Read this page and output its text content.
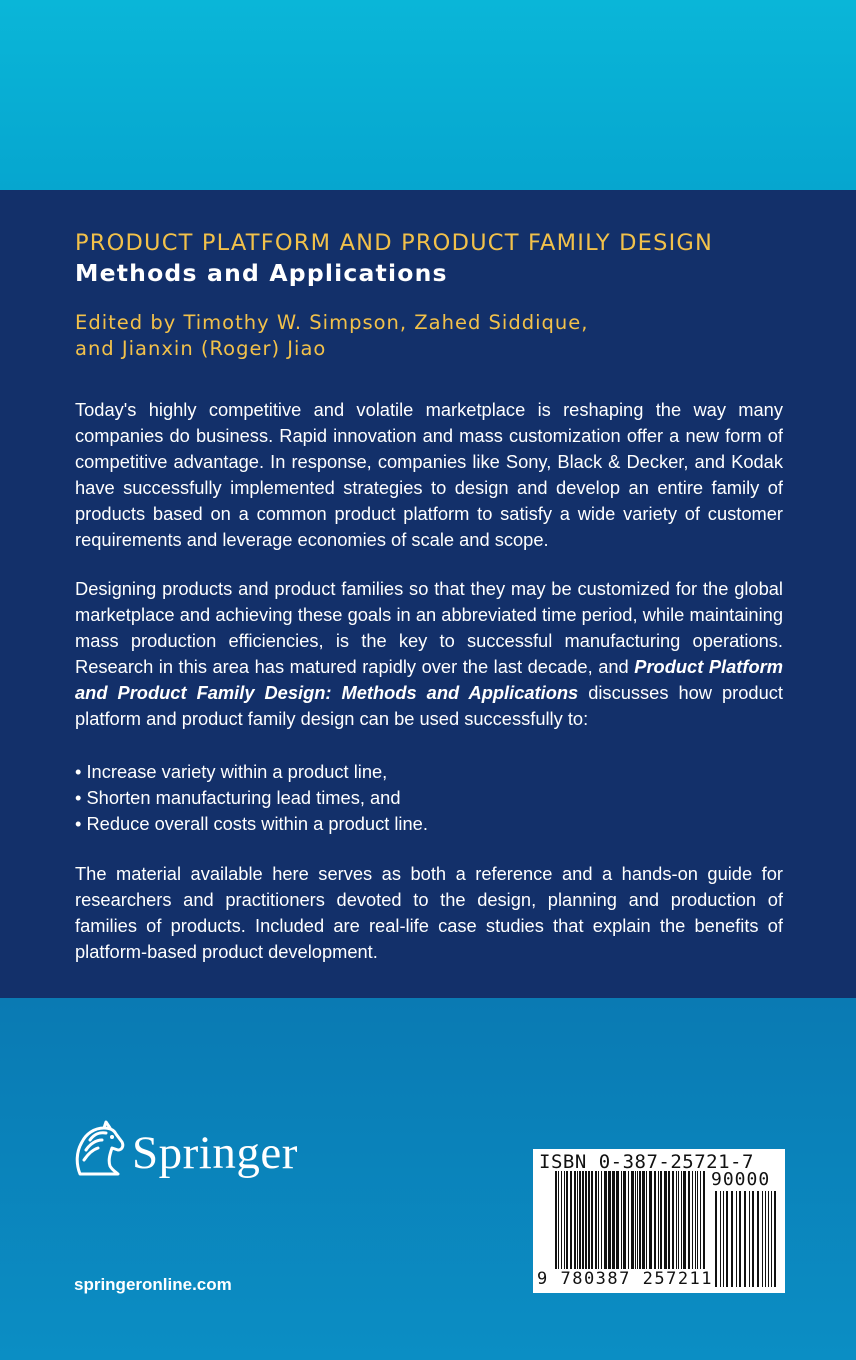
PRODUCT PLATFORM AND PRODUCT FAMILY DESIGN
Methods and Applications
Edited by Timothy W. Simpson, Zahed Siddique,
and Jianxin (Roger) Jiao

Today's highly competitive and volatile marketplace is reshaping the way many companies do business. Rapid innovation and mass customization offer a new form of competitive advantage. In response, companies like Sony, Black & Decker, and Kodak have successfully implemented strategies to design and develop an entire family of products based on a common product platform to satisfy a wide variety of customer requirements and leverage economies of scale and scope.

Designing products and product families so that they may be customized for the global marketplace and achieving these goals in an abbreviated time period, while maintaining mass production efficiencies, is the key to successful manufacturing operations. Research in this area has matured rapidly over the last decade, and Product Platform and Product Family Design: Methods and Applications discusses how product platform and product family design can be used successfully to:

• Increase variety within a product line,
• Shorten manufacturing lead times, and
• Reduce overall costs within a product line.

The material available here serves as both a reference and a hands-on guide for researchers and practitioners devoted to the design, planning and production of families of products. Included are real-life case studies that explain the benefits of platform-based product development.

Springer
springeronline.com
ISBN 0-387-25721-7
90000
9 780387 257211
